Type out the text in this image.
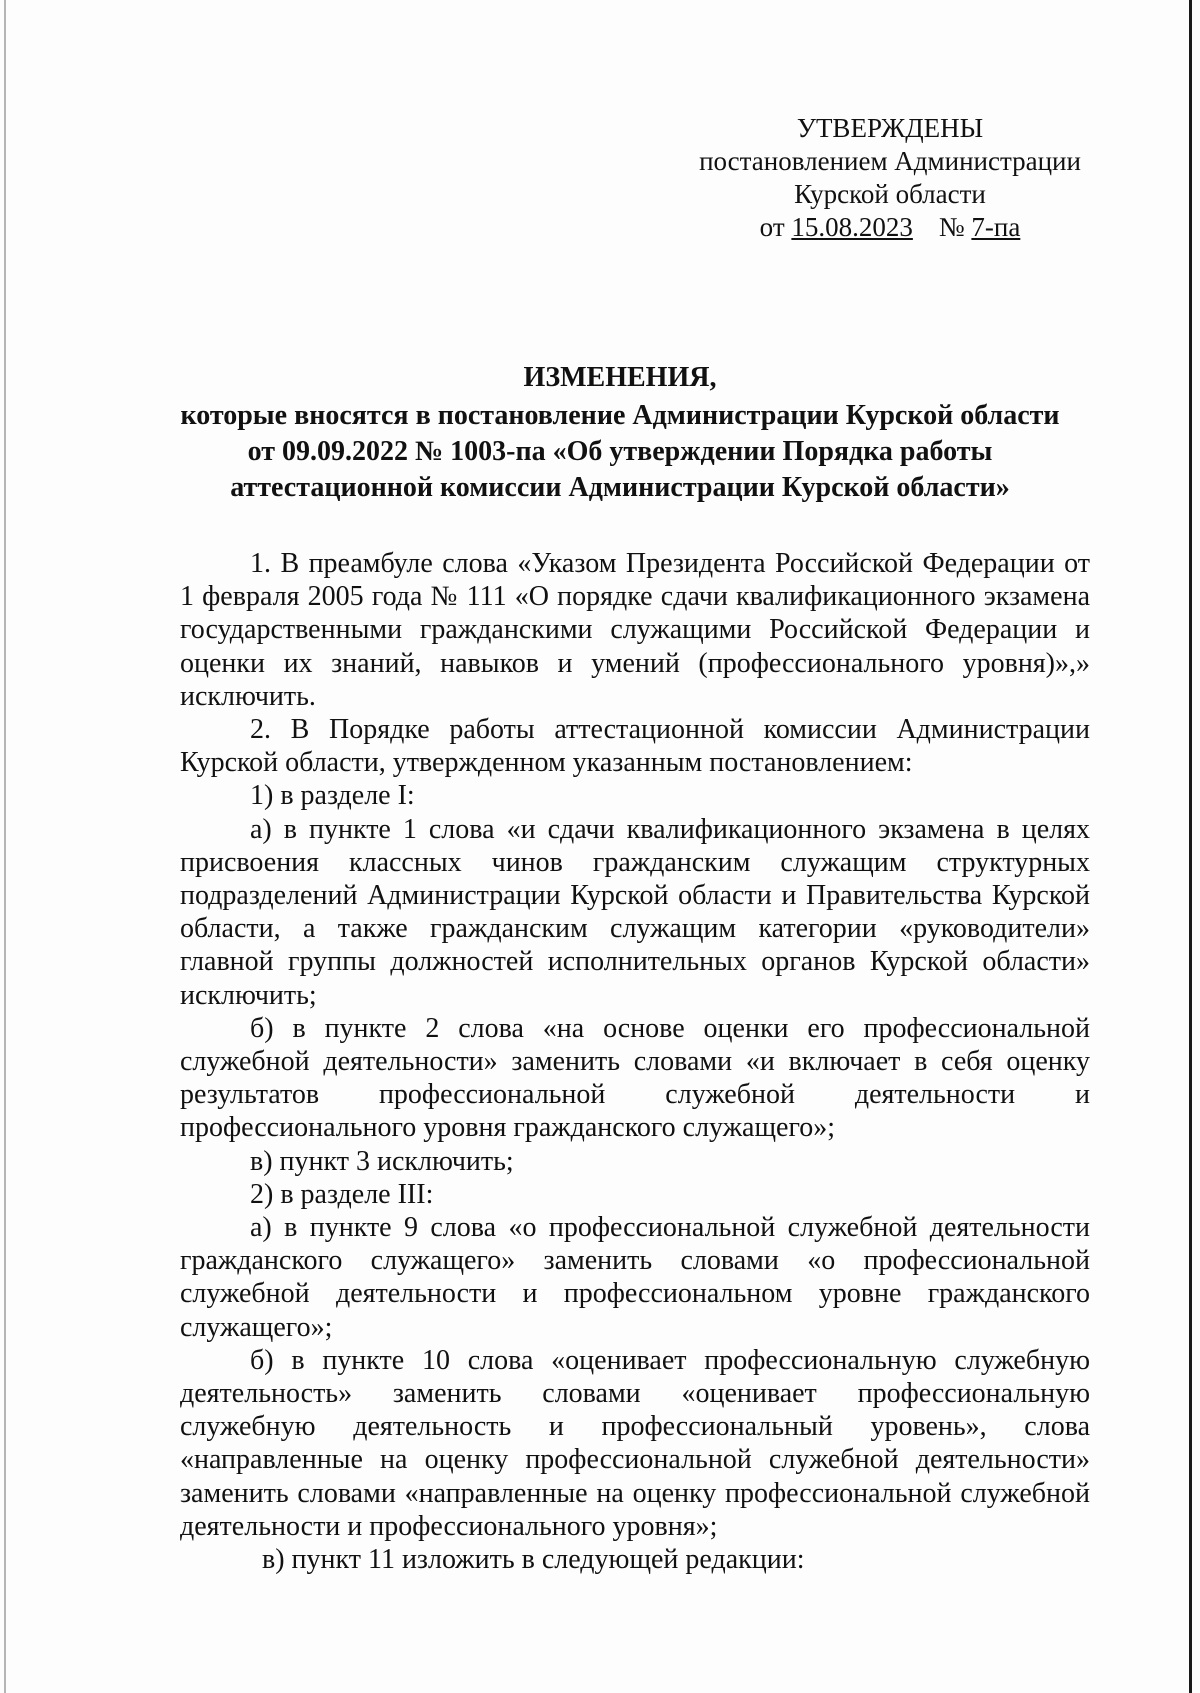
УТВЕРЖДЕНЫ
постановлением Администрации
Курской области
от 15.08.2023 № 7-па
ИЗМЕНЕНИЯ,
которые вносятся в постановление Администрации Курской области
от 09.09.2022 № 1003-па «Об утверждении Порядка работы
аттестационной комиссии Администрации Курской области»

1. В преамбуле слова «Указом Президента Российской Федерации от 1 февраля 2005 года № 111 «О порядке сдачи квалификационного экзамена государственными гражданскими служащими Российской Федерации и оценки их знаний, навыков и умений (профессионального уровня)»,» исключить.

2. В Порядке работы аттестационной комиссии Администрации Курской области, утвержденном указанным постановлением:

1) в разделе I:

а) в пункте 1 слова «и сдачи квалификационного экзамена в целях присвоения классных чинов гражданским служащим структурных подразделений Администрации Курской области и Правительства Курской области, а также гражданским служащим категории «руководители» главной группы должностей исполнительных органов Курской области» исключить;

б) в пункте 2 слова «на основе оценки его профессиональной служебной деятельности» заменить словами «и включает в себя оценку результатов профессиональной служебной деятельности и профессионального уровня гражданского служащего»;

в) пункт 3 исключить;

2) в разделе III:

а) в пункте 9 слова «о профессиональной служебной деятельности гражданского служащего» заменить словами «о профессиональной служебной деятельности и профессиональном уровне гражданского служащего»;

б) в пункте 10 слова «оценивает профессиональную служебную деятельность» заменить словами «оценивает профессиональную служебную деятельность и профессиональный уровень», слова «направленные на оценку профессиональной служебной деятельности» заменить словами «направленные на оценку профессиональной служебной деятельности и профессионального уровня»;

в) пункт 11 изложить в следующей редакции:
